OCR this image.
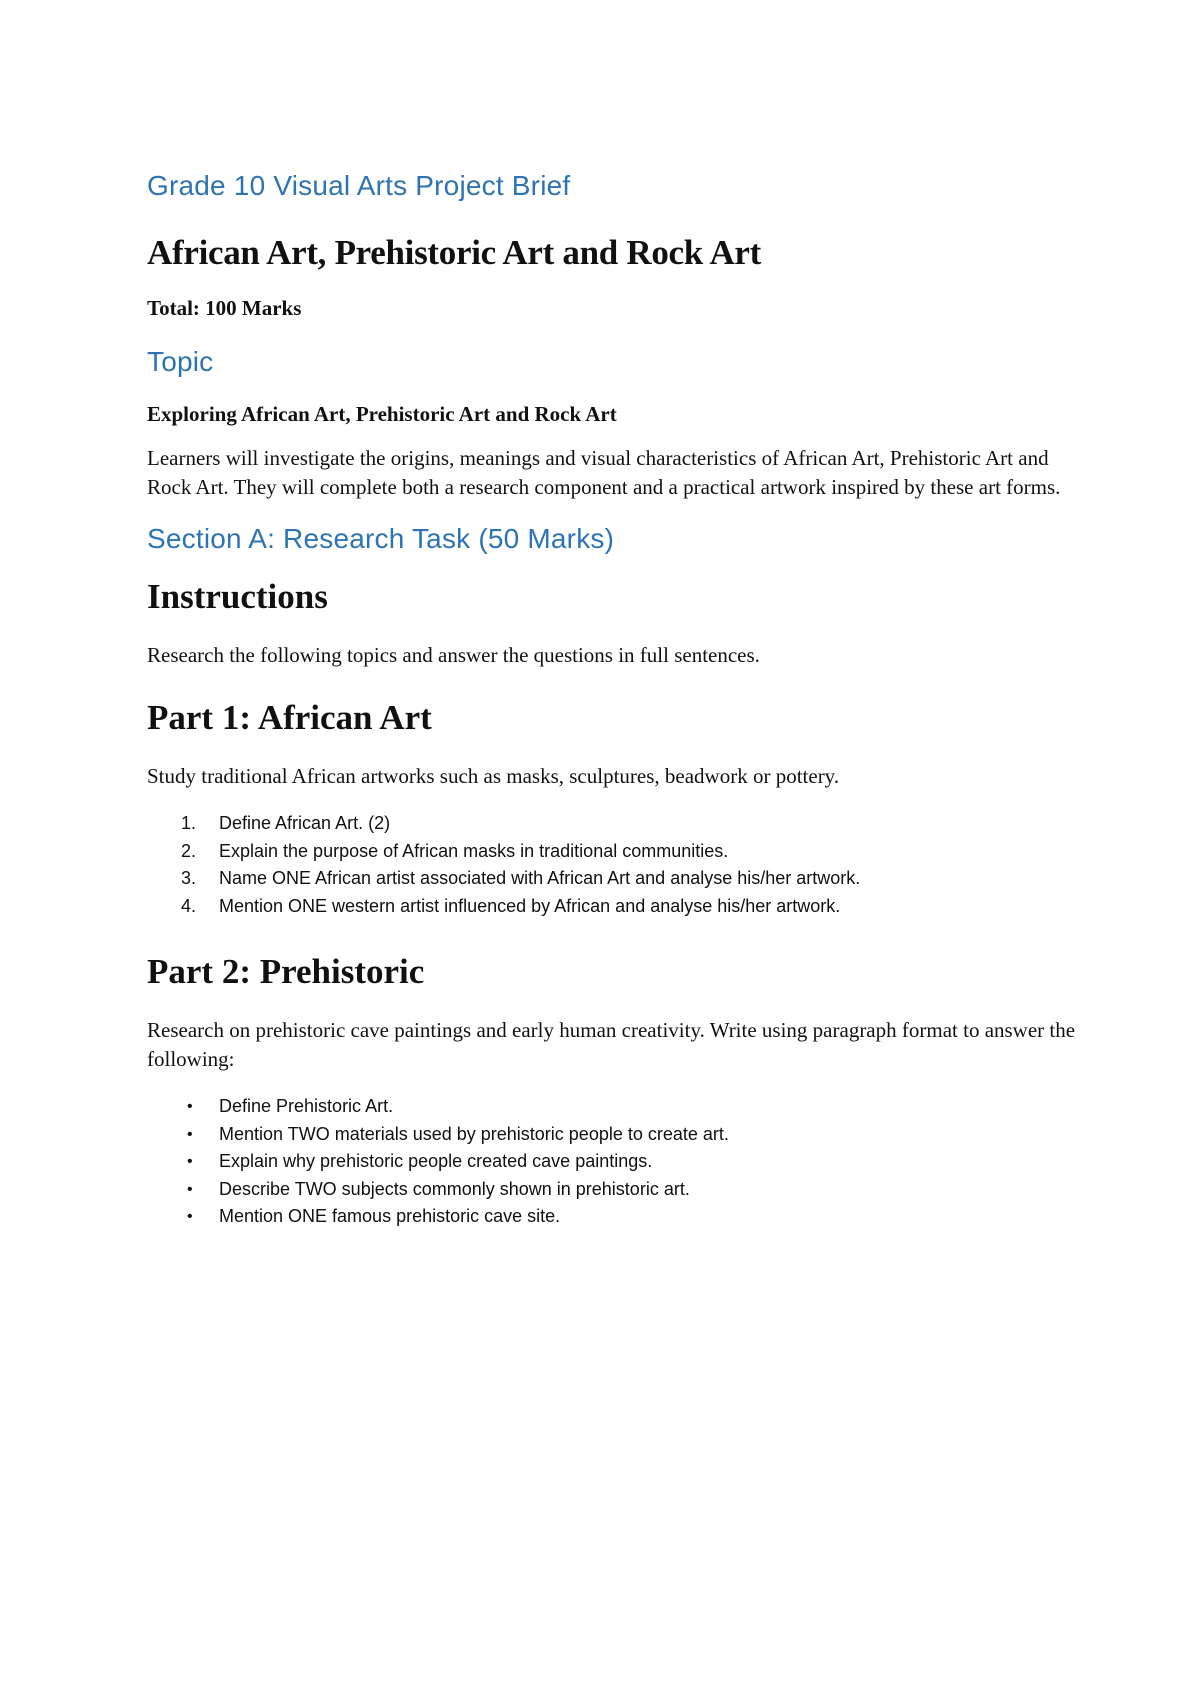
Grade 10 Visual Arts Project Brief
African Art, Prehistoric Art and Rock Art

Total: 100 Marks

Topic

Exploring African Art, Prehistoric Art and Rock Art

Learners will investigate the origins, meanings and visual characteristics of African Art, Prehistoric Art and Rock Art. They will complete both a research component and a practical artwork inspired by these art forms.

Section A: Research Task (50 Marks)
Instructions

Research the following topics and answer the questions in full sentences.

Part 1: African Art

Study traditional African artworks such as masks, sculptures, beadwork or pottery.

1. Define African Art. (2)
2. Explain the purpose of African masks in traditional communities.
3. Name ONE African artist associated with African Art and analyse his/her artwork.
4. Mention ONE western artist influenced by African and analyse his/her artwork.
Part 2: Prehistoric

Research on prehistoric cave paintings and early human creativity. Write using paragraph format to answer the following:

• Define Prehistoric Art.
• Mention TWO materials used by prehistoric people to create art.
• Explain why prehistoric people created cave paintings.
• Describe TWO subjects commonly shown in prehistoric art.
• Mention ONE famous prehistoric cave site.
